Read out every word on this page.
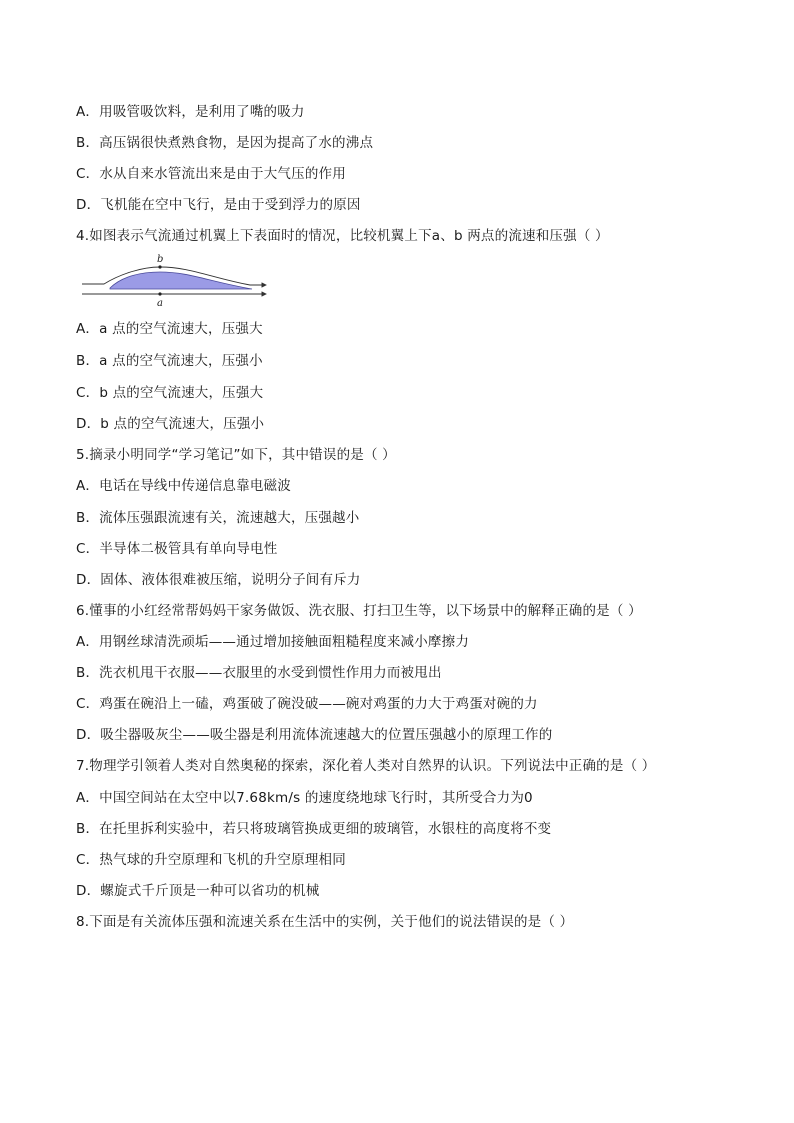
A．用吸管吸饮料，是利用了嘴的吸力
B．高压锅很快煮熟食物，是因为提高了水的沸点
C．水从自来水管流出来是由于大气压的作用
D．飞机能在空中飞行，是由于受到浮力的原因
4.如图表示气流通过机翼上下表面时的情况，比较机翼上下a、b 两点的流速和压强（ ）
b
a
A．a 点的空气流速大，压强大
B．a 点的空气流速大，压强小
C．b 点的空气流速大，压强大
D．b 点的空气流速大，压强小
5.摘录小明同学“学习笔记”如下，其中错误的是（ ）
A．电话在导线中传递信息靠电磁波
B．流体压强跟流速有关，流速越大，压强越小
C．半导体二极管具有单向导电性
D．固体、液体很难被压缩，说明分子间有斥力
6.懂事的小红经常帮妈妈干家务做饭、洗衣服、打扫卫生等，以下场景中的解释正确的是（ ）
A．用钢丝球清洗顽垢——通过增加接触面粗糙程度来减小摩擦力
B．洗衣机甩干衣服——衣服里的水受到惯性作用力而被甩出
C．鸡蛋在碗沿上一磕，鸡蛋破了碗没破——碗对鸡蛋的力大于鸡蛋对碗的力
D．吸尘器吸灰尘——吸尘器是利用流体流速越大的位置压强越小的原理工作的
7.物理学引领着人类对自然奥秘的探索，深化着人类对自然界的认识。下列说法中正确的是（ ）
A．中国空间站在太空中以7.68km/s 的速度绕地球飞行时，其所受合力为0
B．在托里拆利实验中，若只将玻璃管换成更细的玻璃管，水银柱的高度将不变
C．热气球的升空原理和飞机的升空原理相同
D．螺旋式千斤顶是一种可以省功的机械
8.下面是有关流体压强和流速关系在生活中的实例，关于他们的说法错误的是（ ）
